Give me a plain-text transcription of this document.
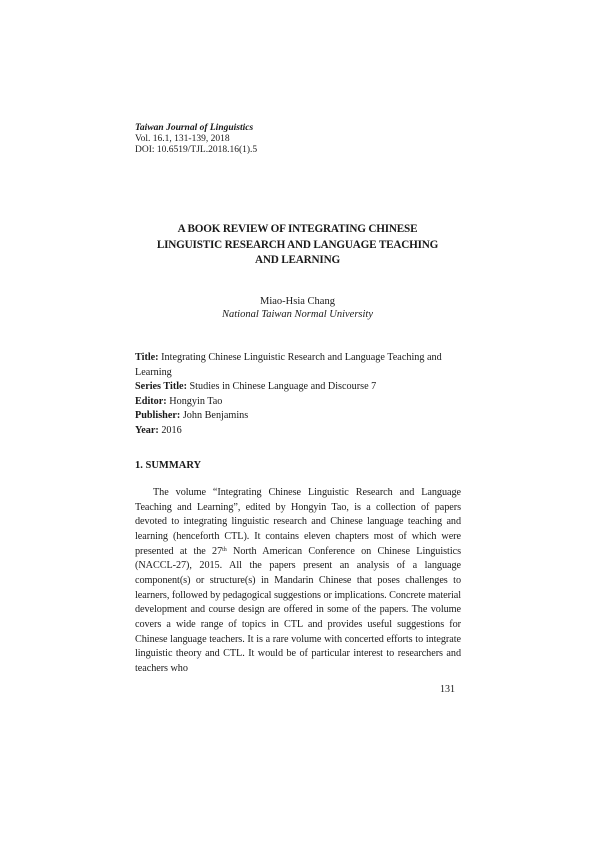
Taiwan Journal of Linguistics
Vol. 16.1, 131-139, 2018
DOI: 10.6519/TJL.2018.16(1).5
A BOOK REVIEW OF INTEGRATING CHINESE
LINGUISTIC RESEARCH AND LANGUAGE TEACHING
AND LEARNING
Miao-Hsia Chang
National Taiwan Normal University
Title: Integrating Chinese Linguistic Research and Language Teaching and Learning
Series Title: Studies in Chinese Language and Discourse 7
Editor: Hongyin Tao
Publisher: John Benjamins
Year: 2016
1. SUMMARY

The volume “Integrating Chinese Linguistic Research and Language Teaching and Learning”, edited by Hongyin Tao, is a collection of papers devoted to integrating linguistic research and Chinese language teaching and learning (henceforth CTL). It contains eleven chapters most of which were presented at the 27th North American Conference on Chinese Linguistics (NACCL-27), 2015. All the papers present an analysis of a language component(s) or structure(s) in Mandarin Chinese that poses challenges to learners, followed by pedagogical suggestions or implications. Concrete material development and course design are offered in some of the papers. The volume covers a wide range of topics in CTL and provides useful suggestions for Chinese language teachers. It is a rare volume with concerted efforts to integrate linguistic theory and CTL. It would be of particular interest to researchers and teachers who

131
